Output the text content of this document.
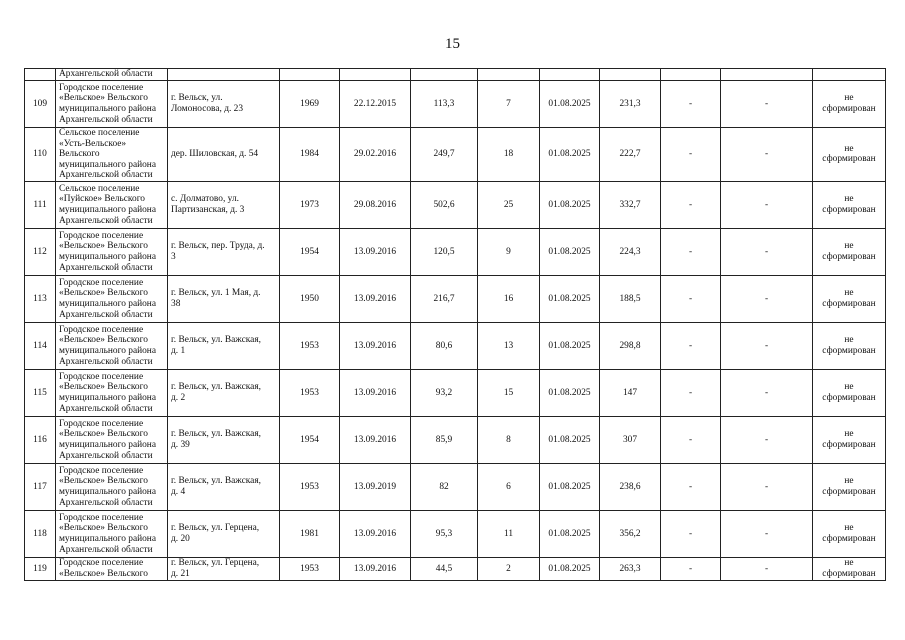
15
	Архангельской области										
109	Городское поселение
«Вельское» Вельского
муниципального района
Архангельской области	г. Вельск, ул.
Ломоносова, д. 23	1969	22.12.2015	113,3	7	01.08.2025	231,3	-	-	не
сформирован
110	Сельское поселение
«Усть-Вельское»
Вельского
муниципального района
Архангельской области	дер. Шиловская, д. 54	1984	29.02.2016	249,7	18	01.08.2025	222,7	-	-	не
сформирован
111	Сельское поселение
«Пуйское» Вельского
муниципального района
Архангельской области	с. Долматово, ул.
Партизанская, д. 3	1973	29.08.2016	502,6	25	01.08.2025	332,7	-	-	не
сформирован
112	Городское поселение
«Вельское» Вельского
муниципального района
Архангельской области	г. Вельск, пер. Труда, д.
3	1954	13.09.2016	120,5	9	01.08.2025	224,3	-	-	не
сформирован
113	Городское поселение
«Вельское» Вельского
муниципального района
Архангельской области	г. Вельск, ул. 1 Мая, д.
38	1950	13.09.2016	216,7	16	01.08.2025	188,5	-	-	не
сформирован
114	Городское поселение
«Вельское» Вельского
муниципального района
Архангельской области	г. Вельск, ул. Важская,
д. 1	1953	13.09.2016	80,6	13	01.08.2025	298,8	-	-	не
сформирован
115	Городское поселение
«Вельское» Вельского
муниципального района
Архангельской области	г. Вельск, ул. Важская,
д. 2	1953	13.09.2016	93,2	15	01.08.2025	147	-	-	не
сформирован
116	Городское поселение
«Вельское» Вельского
муниципального района
Архангельской области	г. Вельск, ул. Важская,
д. 39	1954	13.09.2016	85,9	8	01.08.2025	307	-	-	не
сформирован
117	Городское поселение
«Вельское» Вельского
муниципального района
Архангельской области	г. Вельск, ул. Важская,
д. 4	1953	13.09.2019	82	6	01.08.2025	238,6	-	-	не
сформирован
118	Городское поселение
«Вельское» Вельского
муниципального района
Архангельской области	г. Вельск, ул. Герцена,
д. 20	1981	13.09.2016	95,3	11	01.08.2025	356,2	-	-	не
сформирован
119	Городское поселение
«Вельское» Вельского	г. Вельск, ул. Герцена,
д. 21	1953	13.09.2016	44,5	2	01.08.2025	263,3	-	-	не
сформирован
